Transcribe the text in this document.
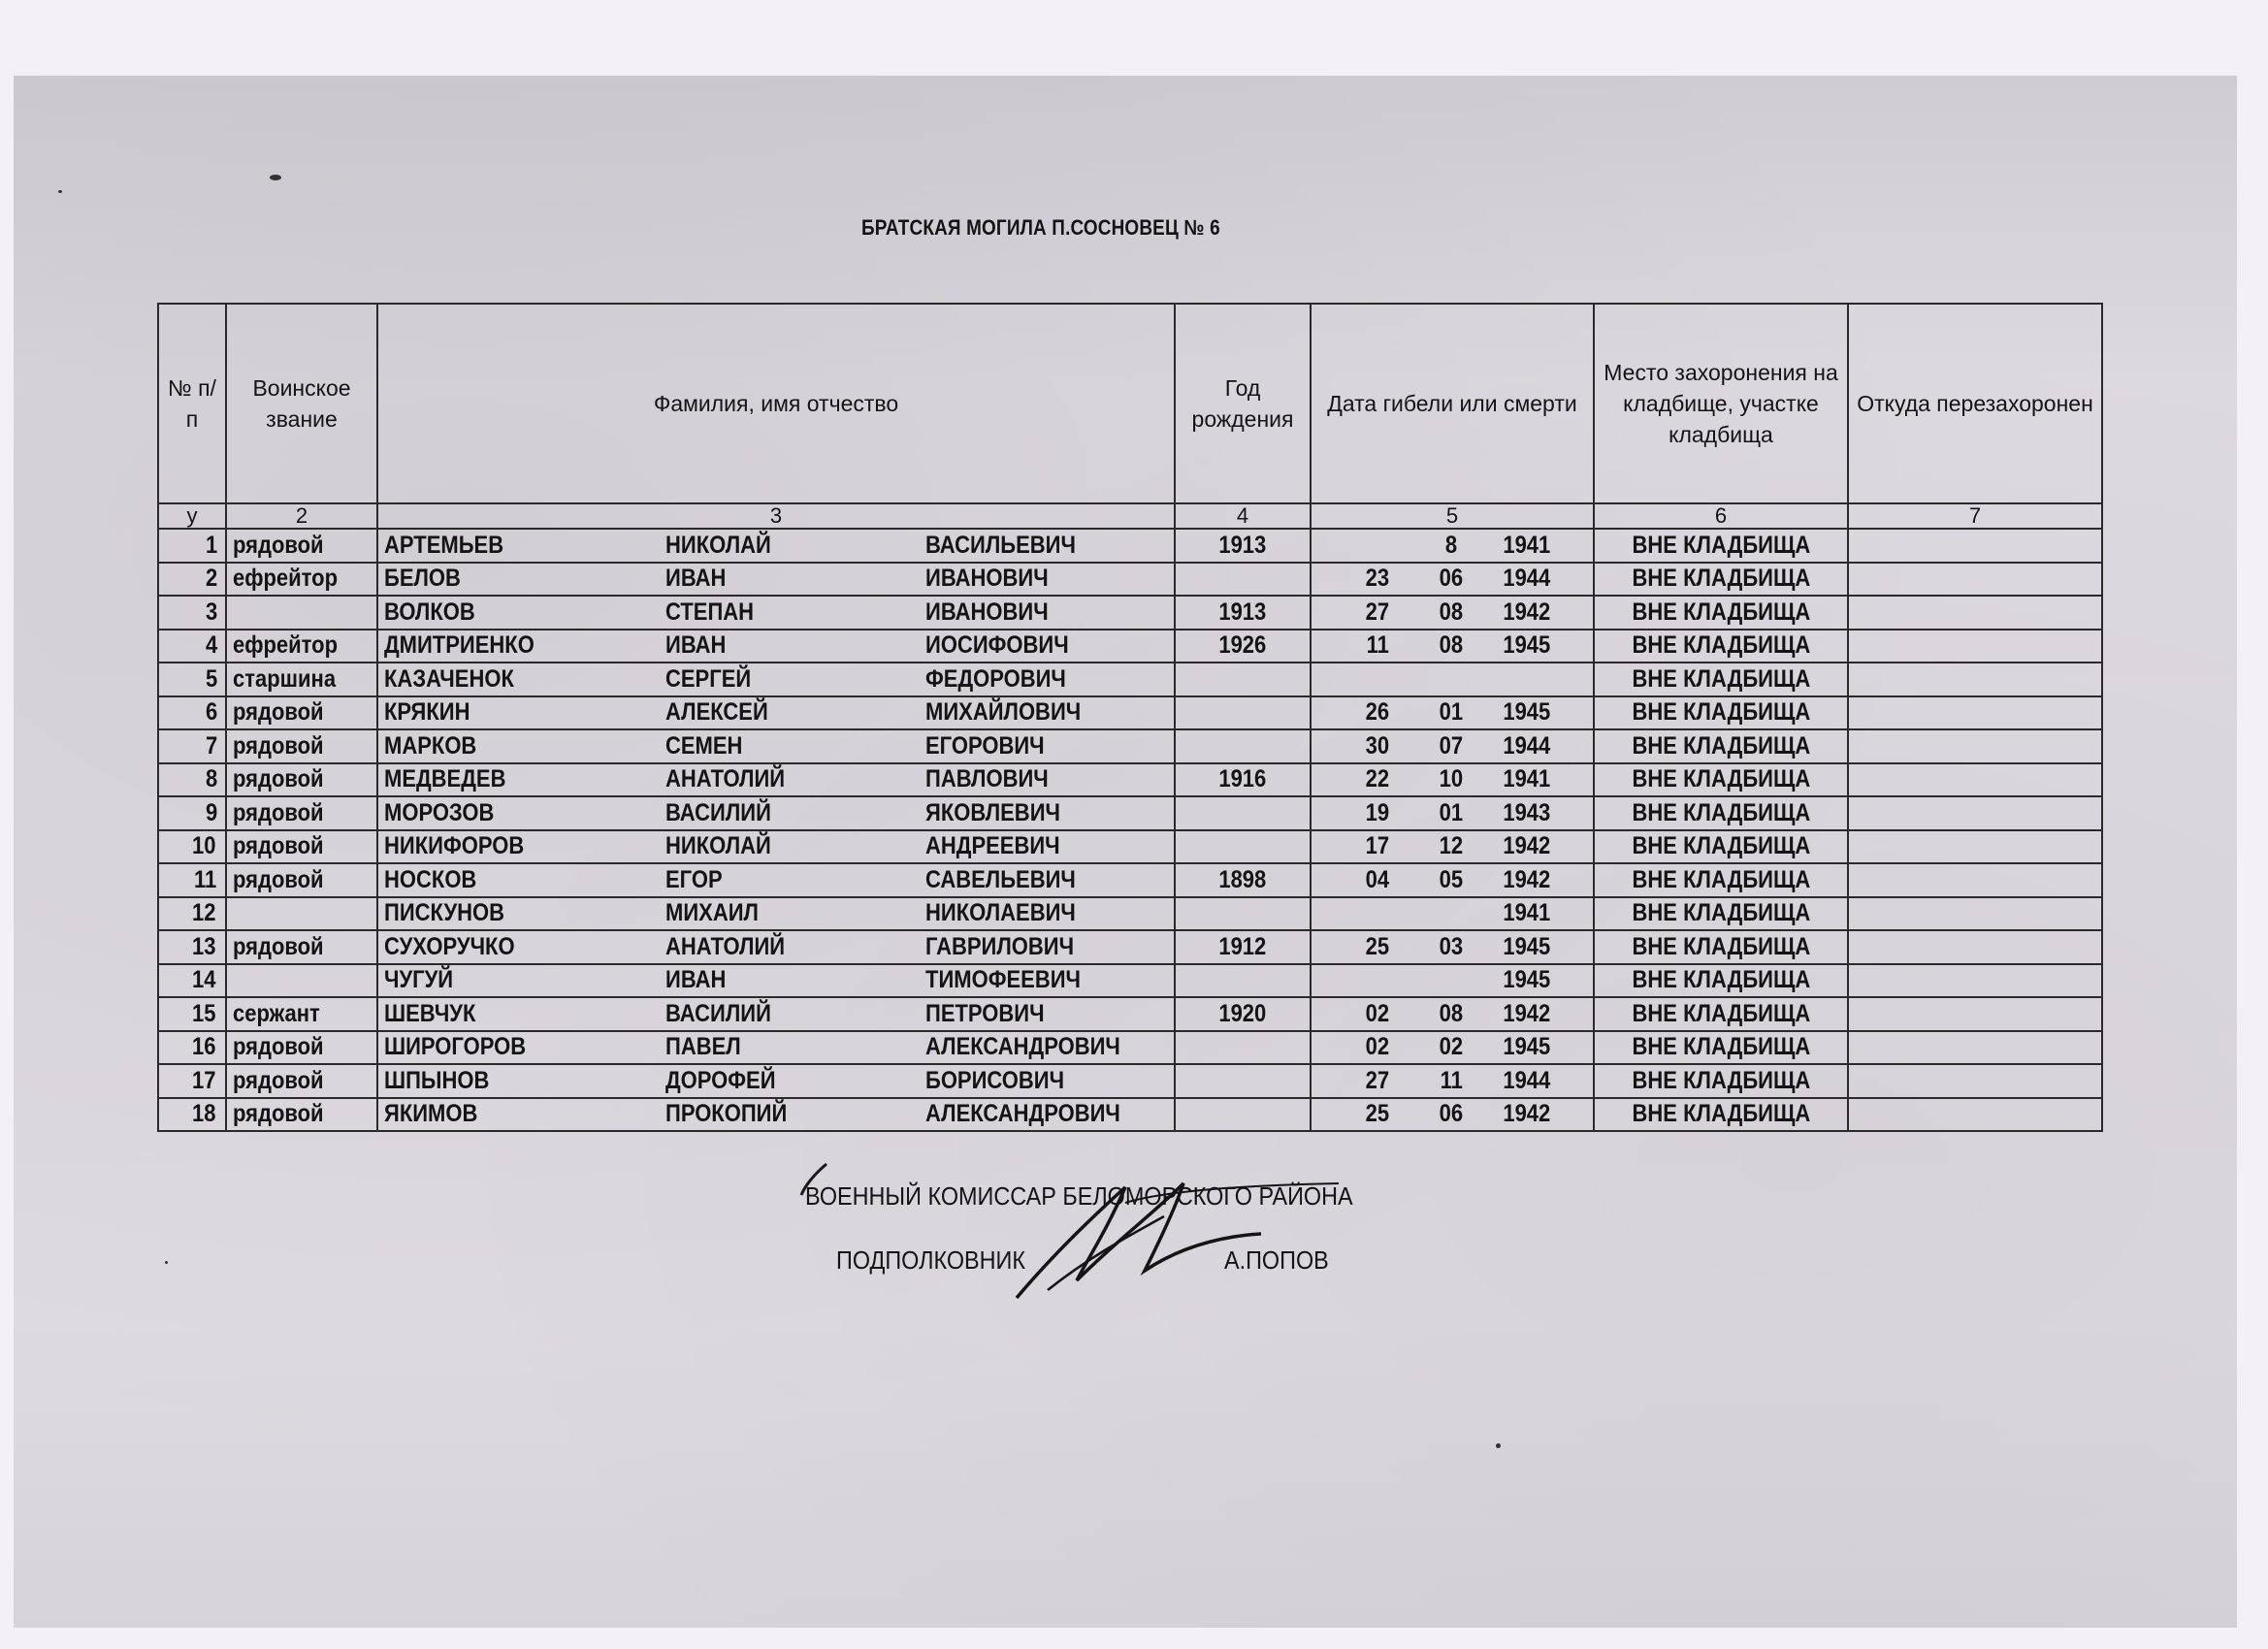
БРАТСКАЯ МОГИЛА П.СОСНОВЕЦ № 6
№ п/п	Воинское звание	Фамилия, имя отчество	Год рождения	Дата гибели или смерти	Место захоронения на кладбище, участке кладбища	Откуда перезахоронен
у	2	3	4	5	6	7
1	рядовой	АРТЕМЬЕВ НИКОЛАЙ ВАСИЛЬЕВИЧ	1913	8 1941	ВНЕ КЛАДБИЩА	
2	ефрейтор	БЕЛОВ ИВАН ИВАНОВИЧ		23 06 1944	ВНЕ КЛАДБИЩА	
3		ВОЛКОВ СТЕПАН ИВАНОВИЧ	1913	27 08 1942	ВНЕ КЛАДБИЩА	
4	ефрейтор	ДМИТРИЕНКО ИВАН ИОСИФОВИЧ	1926	11 08 1945	ВНЕ КЛАДБИЩА	
5	старшина	КАЗАЧЕНОК СЕРГЕЙ ФЕДОРОВИЧ			ВНЕ КЛАДБИЩА	
6	рядовой	КРЯКИН АЛЕКСЕЙ МИХАЙЛОВИЧ		26 01 1945	ВНЕ КЛАДБИЩА	
7	рядовой	МАРКОВ СЕМЕН ЕГОРОВИЧ		30 07 1944	ВНЕ КЛАДБИЩА	
8	рядовой	МЕДВЕДЕВ АНАТОЛИЙ ПАВЛОВИЧ	1916	22 10 1941	ВНЕ КЛАДБИЩА	
9	рядовой	МОРОЗОВ ВАСИЛИЙ ЯКОВЛЕВИЧ		19 01 1943	ВНЕ КЛАДБИЩА	
10	рядовой	НИКИФОРОВ НИКОЛАЙ АНДРЕЕВИЧ		17 12 1942	ВНЕ КЛАДБИЩА	
11	рядовой	НОСКОВ ЕГОР САВЕЛЬЕВИЧ	1898	04 05 1942	ВНЕ КЛАДБИЩА	
12		ПИСКУНОВ МИХАИЛ НИКОЛАЕВИЧ		1941	ВНЕ КЛАДБИЩА	
13	рядовой	СУХОРУЧКО АНАТОЛИЙ ГАВРИЛОВИЧ	1912	25 03 1945	ВНЕ КЛАДБИЩА	
14		ЧУГУЙ ИВАН ТИМОФЕЕВИЧ		1945	ВНЕ КЛАДБИЩА	
15	сержант	ШЕВЧУК ВАСИЛИЙ ПЕТРОВИЧ	1920	02 08 1942	ВНЕ КЛАДБИЩА	
16	рядовой	ШИРОГОРОВ ПАВЕЛ АЛЕКСАНДРОВИЧ		02 02 1945	ВНЕ КЛАДБИЩА	
17	рядовой	ШПЫНОВ ДОРОФЕЙ БОРИСОВИЧ		27 11 1944	ВНЕ КЛАДБИЩА	
18	рядовой	ЯКИМОВ ПРОКОПИЙ АЛЕКСАНДРОВИЧ		25 06 1942	ВНЕ КЛАДБИЩА	
ВОЕННЫЙ КОМИССАР БЕЛОМОРСКОГО РАЙОНА
ПОДПОЛКОВНИК	А.ПОПОВ
